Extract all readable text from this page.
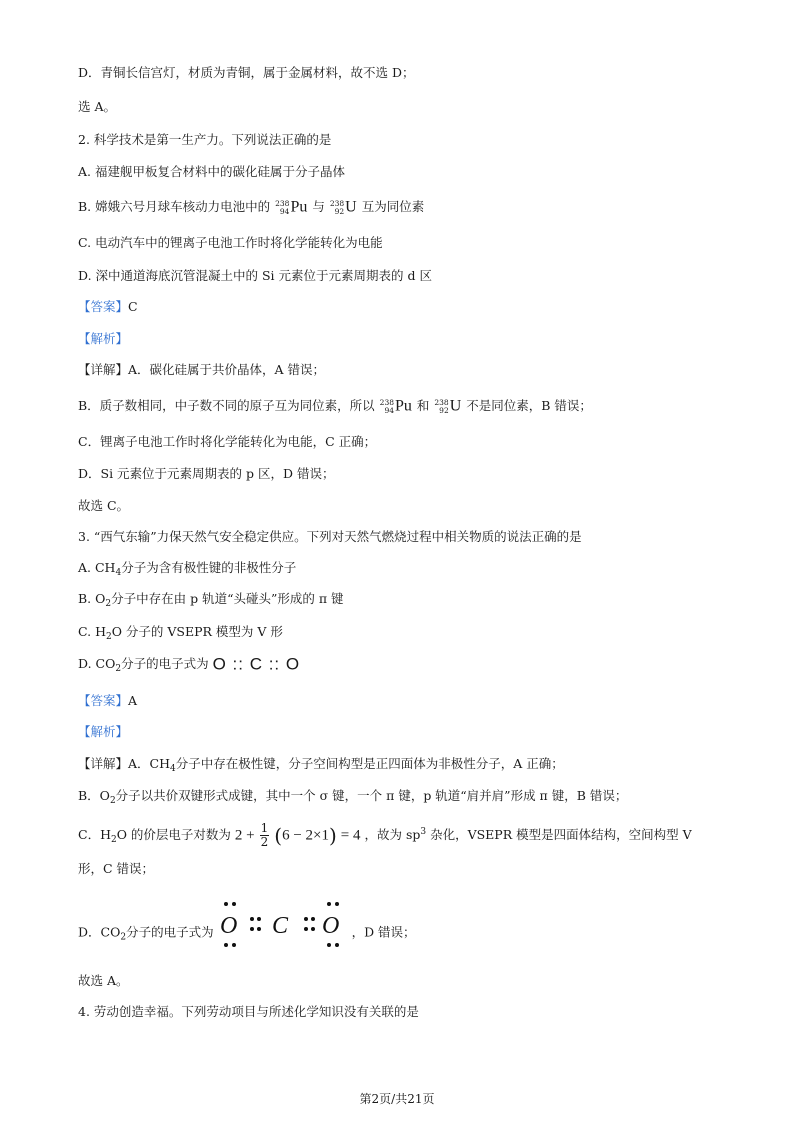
D．青铜长信宫灯，材质为青铜，属于金属材料，故不选 D；
选 A。
2. 科学技术是第一生产力。下列说法正确的是
A. 福建舰甲板复合材料中的碳化硅属于分子晶体
B. 嫦娥六号月球车核动力电池中的 238
94 Pu 与 238
92 U 互为同位素
C. 电动汽车中的锂离子电池工作时将化学能转化为电能
D. 深中通道海底沉管混凝土中的 Si 元素位于元素周期表的 d 区
【答案】C
【解析】
【详解】A．碳化硅属于共价晶体，A 错误；
B．质子数相同，中子数不同的原子互为同位素，所以 238
94 Pu 和 238
92 U 不是同位素，B 错误；
C．锂离子电池工作时将化学能转化为电能，C 正确；
D．Si 元素位于元素周期表的 p 区，D 错误；
故选 C。
3. “西气东输”力保天然气安全稳定供应。下列对天然气燃烧过程中相关物质的说法正确的是
A. $CH_4$分子为含有极性键的非极性分子
B. $O_2$分子中存在由 p 轨道“头碰头”形成的 π 键
C. $H_2O$ 分子的 VSEPR 模型为 V 形
D. $CO_2$分子的电子式为 O :: C :: O
【答案】A
【解析】
【详解】A．$CH_4$分子中存在极性键，分子空间构型是正四面体为非极性分子，A 正确；
B．$O_2$分子以共价双键形式成键，其中一个 σ 键，一个 π 键，p 轨道“肩并肩”形成 π 键，B 错误；
C．$H_2O$ 的价层电子对数为 $2 + \frac{1}{2} (6 - 2\times 1) = 4$ ，故为 $sp^3$ 杂化，VSEPR 模型是四面体结构，空间构型 V
形，C 错误；
D．$CO_2$分子的电子式为 O C O ，D 错误；
故选 A。
4. 劳动创造幸福。下列劳动项目与所述化学知识没有关联的是
第2页/共21页
